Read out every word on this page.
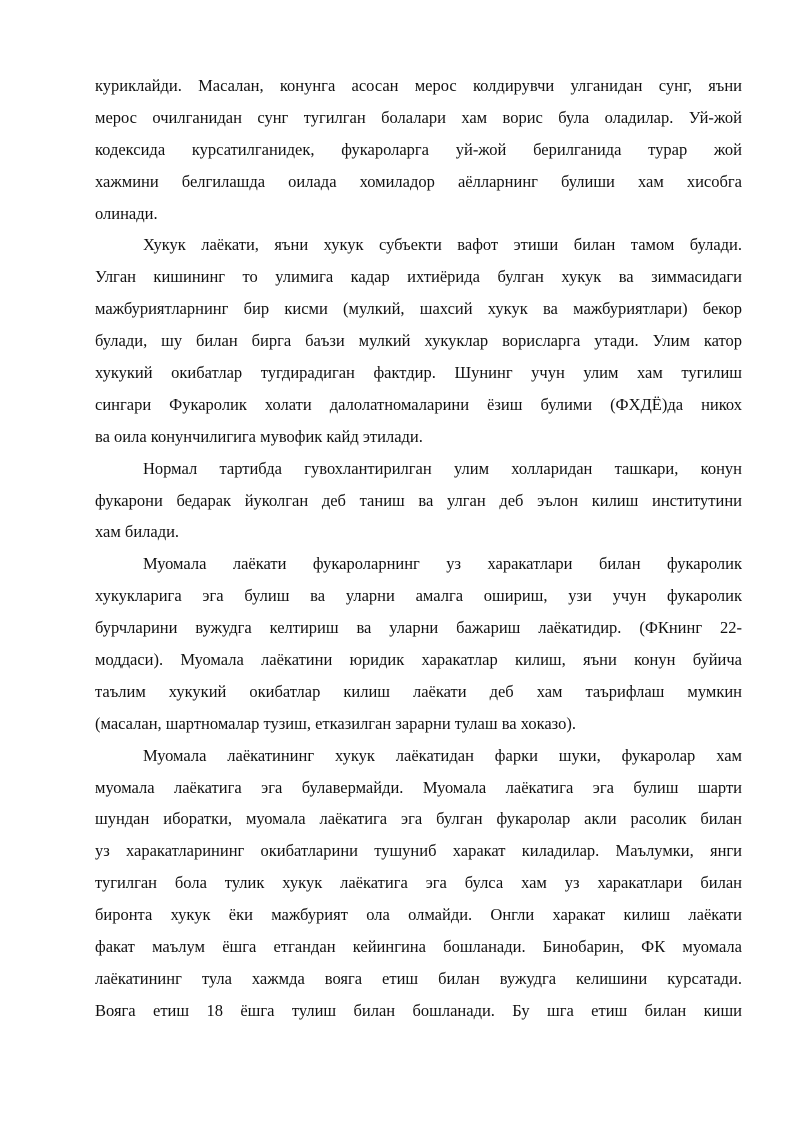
куриклайди. Масалан, конунга асосан мерос колдирувчи улганидан сунг, яъни
мерос очилганидан сунг тугилган болалари хам ворис була оладилар. Уй-жой
кодексида курсатилганидек, фукароларга уй-жой берилганида турар жой
хажмини белгилашда оилада хомиладор аёлларнинг булиши хам хисобга
олинади.
Хукук лаёкати, яъни хукук субъекти вафот этиши билан тамом булади.
Улган кишининг то улимига кадар ихтиёрида булган хукук ва зиммасидаги
мажбуриятларнинг бир кисми (мулкий, шахсий хукук ва мажбуриятлари) бекор
булади, шу билан бирга баъзи мулкий хукуклар ворисларга утади. Улим катор
хукукий окибатлар тугдирадиган фактдир. Шунинг учун улим хам тугилиш
сингари Фукаролик холати далолатномаларини ёзиш булими (ФХДЁ)да никох
ва оила конунчилигига мувофик кайд этилади.
Нормал тартибда гувохлантирилган улим холларидан ташкари, конун
фукарони бедарак йуколган деб таниш ва улган деб эълон килиш институтини
хам билади.
Муомала лаёкати фукароларнинг уз харакатлари билан фукаролик
хукукларига эга булиш ва уларни амалга ошириш, узи учун фукаролик
бурчларини вужудга келтириш ва уларни бажариш лаёкатидир. (ФКнинг 22-
моддаси). Муомала лаёкатини юридик харакатлар килиш, яъни конун буйича
таълим хукукий окибатлар килиш лаёкати деб хам таърифлаш мумкин
(масалан, шартномалар тузиш, етказилган зарарни тулаш ва хоказо).
Муомала лаёкатининг хукук лаёкатидан фарки шуки, фукаролар хам
муомала лаёкатига эга булавермайди. Муомала лаёкатига эга булиш шарти
шундан иборатки, муомала лаёкатига эга булган фукаролар акли расолик билан
уз харакатларининг окибатларини тушуниб харакат киладилар. Маълумки, янги
тугилган бола тулик хукук лаёкатига эга булса хам уз харакатлари билан
биронта хукук ёки мажбурият ола олмайди. Онгли харакат килиш лаёкати
факат маълум ёшга етгандан кейингина бошланади. Бинобарин, ФК муомала
лаёкатининг тула хажмда вояга етиш билан вужудга келишини курсатади.
Вояга етиш 18 ёшга тулиш билан бошланади. Бу шга етиш билан киши
